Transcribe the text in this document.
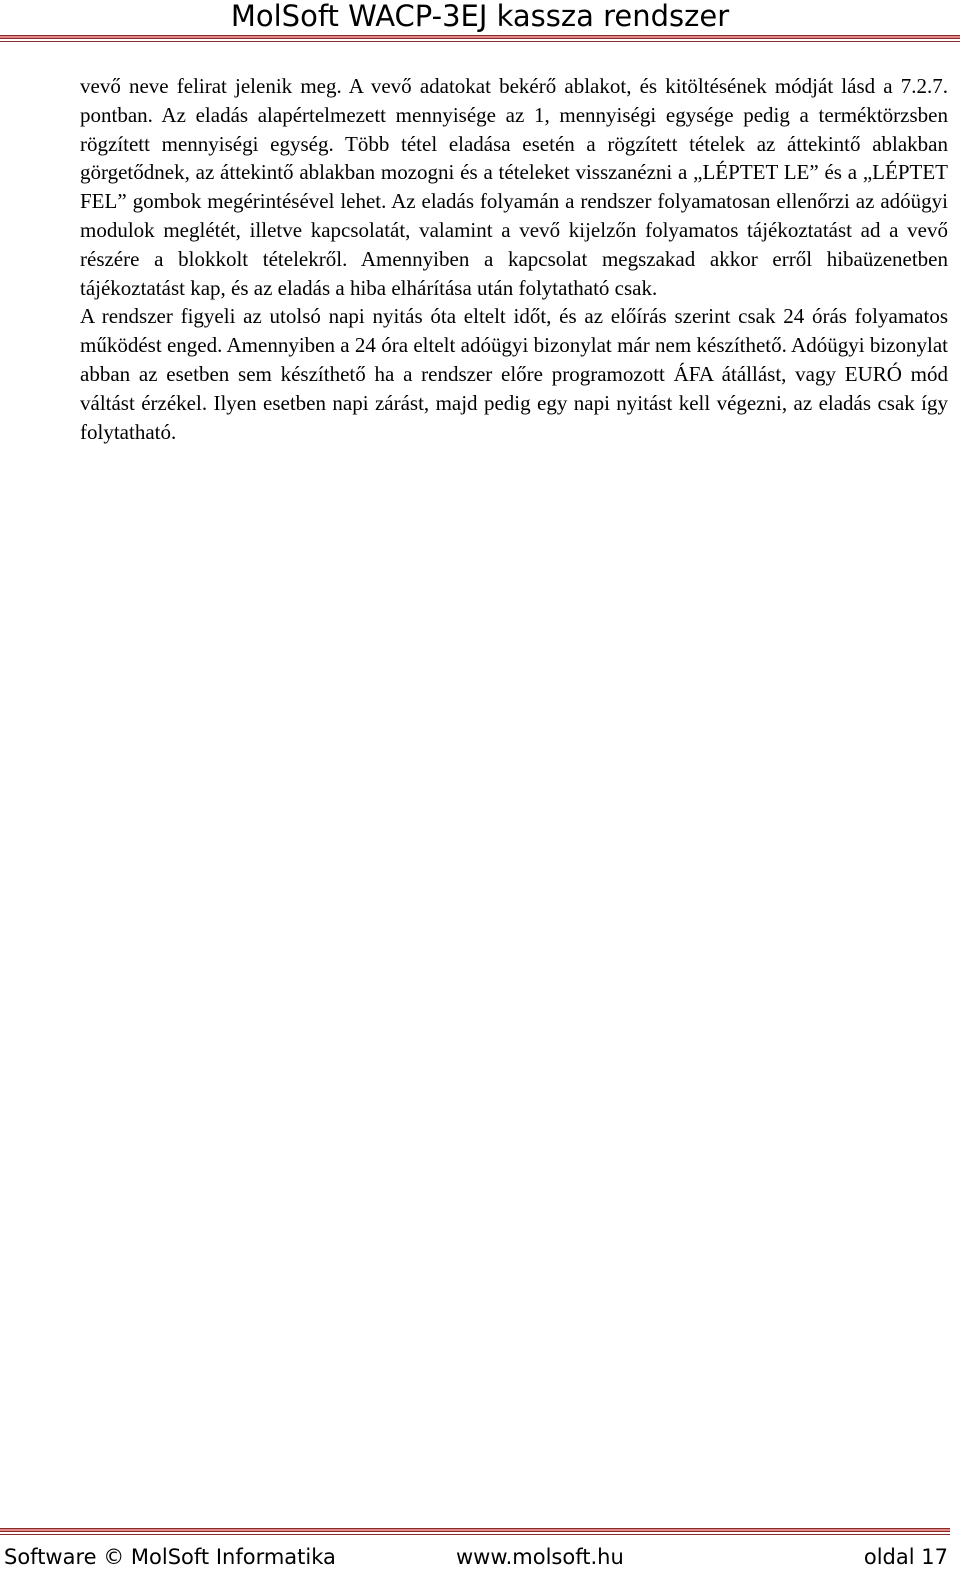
MolSoft WACP-3EJ kassza rendszer

vevő neve felirat jelenik meg. A vevő adatokat bekérő ablakot, és kitöltésének módját lásd a 7.2.7. pontban. Az eladás alapértelmezett mennyisége az 1, mennyiségi egysége pedig a terméktörzsben rögzített mennyiségi egység. Több tétel eladása esetén a rögzített tételek az áttekintő ablakban görgetődnek, az áttekintő ablakban mozogni és a tételeket visszanézni a „LÉPTET LE” és a „LÉPTET FEL” gombok megérintésével lehet. Az eladás folyamán a rendszer folyamatosan ellenőrzi az adóügyi modulok meglétét, illetve kapcsolatát, valamint a vevő kijelzőn folyamatos tájékoztatást ad a vevő részére a blokkolt tételekről. Amennyiben a kapcsolat megszakad akkor erről hibaüzenetben tájékoztatást kap, és az eladás a hiba elhárítása után folytatható csak.

A rendszer figyeli az utolsó napi nyitás óta eltelt időt, és az előírás szerint csak 24 órás folyamatos működést enged. Amennyiben a 24 óra eltelt adóügyi bizonylat már nem készíthető. Adóügyi bizonylat abban az esetben sem készíthető ha a rendszer előre programozott ÁFA átállást, vagy EURÓ mód váltást érzékel. Ilyen esetben napi zárást, majd pedig egy napi nyitást kell végezni, az eladás csak így folytatható.

Software © MolSoft Informatika	www.molsoft.hu	oldal 17
